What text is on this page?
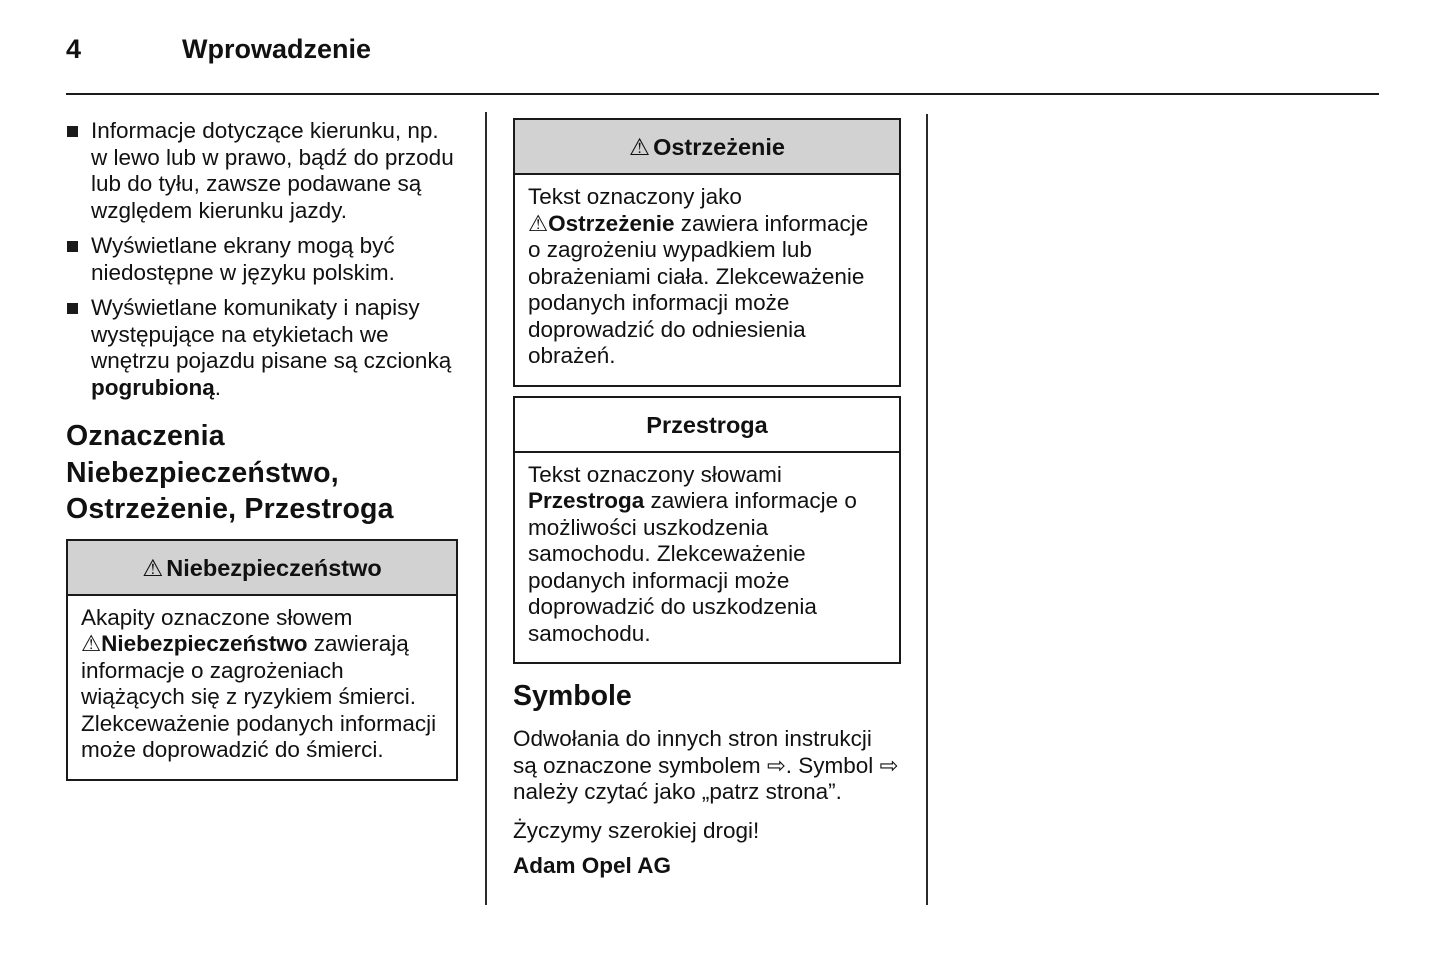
4	Wprowadzenie
Informacje dotyczące kierunku, np. w lewo lub w prawo, bądź do przodu lub do tyłu, zawsze podawane są względem kierunku jazdy.
Wyświetlane ekrany mogą być niedostępne w języku polskim.
Wyświetlane komunikaty i napisy występujące na etykietach we wnętrzu pojazdu pisane są czcionką pogrubioną.
Oznaczenia Niebezpieczeństwo, Ostrzeżenie, Przestroga
⚠ Niebezpieczeństwo
Akapity oznaczone słowem ⚠Niebezpieczeństwo zawierają informacje o zagrożeniach wiążących się z ryzykiem śmierci. Zlekceważenie podanych informacji może doprowadzić do śmierci.
⚠ Ostrzeżenie
Tekst oznaczony jako ⚠Ostrzeżenie zawiera informacje o zagrożeniu wypadkiem lub obrażeniami ciała. Zlekceważenie podanych informacji może doprowadzić do odniesienia obrażeń.
Przestroga
Tekst oznaczony słowami Przestroga zawiera informacje o możliwości uszkodzenia samochodu. Zlekceważenie podanych informacji może doprowadzić do uszkodzenia samochodu.
Symbole

Odwołania do innych stron instrukcji są oznaczone symbolem ⇨. Symbol ⇨ należy czytać jako „patrz strona”.

Życzymy szerokiej drogi!

Adam Opel AG
